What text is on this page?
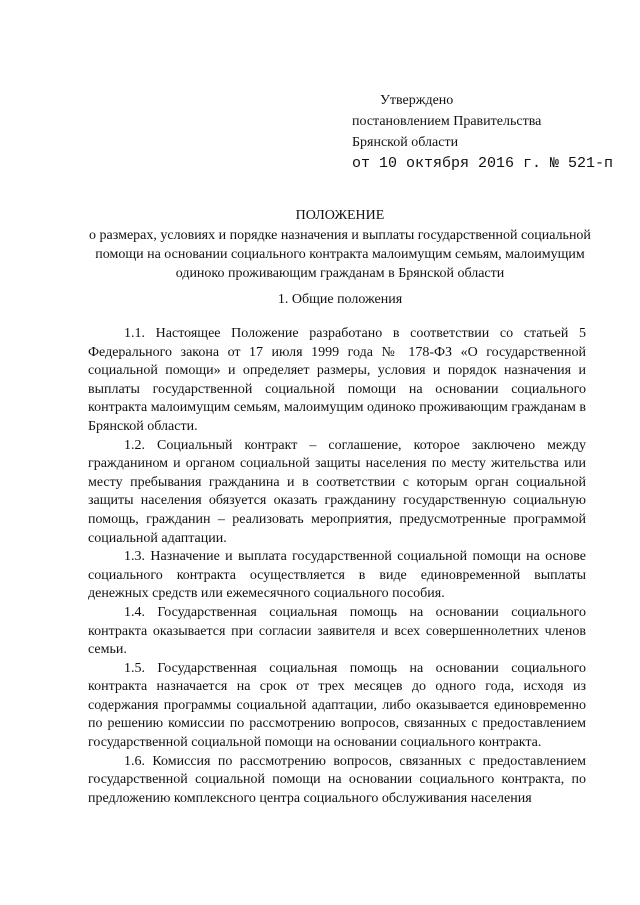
Утверждено
постановлением Правительства
Брянской области
от 10 октября 2016 г. № 521-п
ПОЛОЖЕНИЕ
о размерах, условиях и порядке назначения и выплаты государственной социальной помощи на основании социального контракта малоимущим семьям, малоимущим одиноко проживающим гражданам в Брянской области
1. Общие положения

1.1. Настоящее Положение разработано в соответствии со статьей 5 Федерального закона от 17 июля 1999 года № 178-ФЗ «О государственной социальной помощи» и определяет размеры, условия и порядок назначения и выплаты государственной социальной помощи на основании социального контракта малоимущим семьям, малоимущим одиноко проживающим гражданам в Брянской области.

1.2. Социальный контракт – соглашение, которое заключено между гражданином и органом социальной защиты населения по месту жительства или месту пребывания гражданина и в соответствии с которым орган социальной защиты населения обязуется оказать гражданину государственную социальную помощь, гражданин – реализовать мероприятия, предусмотренные программой социальной адаптации.

1.3. Назначение и выплата государственной социальной помощи на основе социального контракта осуществляется в виде единовременной выплаты денежных средств или ежемесячного социального пособия.

1.4. Государственная социальная помощь на основании социального контракта оказывается при согласии заявителя и всех совершеннолетних членов семьи.

1.5. Государственная социальная помощь на основании социального контракта назначается на срок от трех месяцев до одного года, исходя из содержания программы социальной адаптации, либо оказывается единовременно по решению комиссии по рассмотрению вопросов, связанных с предоставлением государственной социальной помощи на основании социального контракта.

1.6. Комиссия по рассмотрению вопросов, связанных с предоставлением государственной социальной помощи на основании социального контракта, по предложению комплексного центра социального обслуживания населения
